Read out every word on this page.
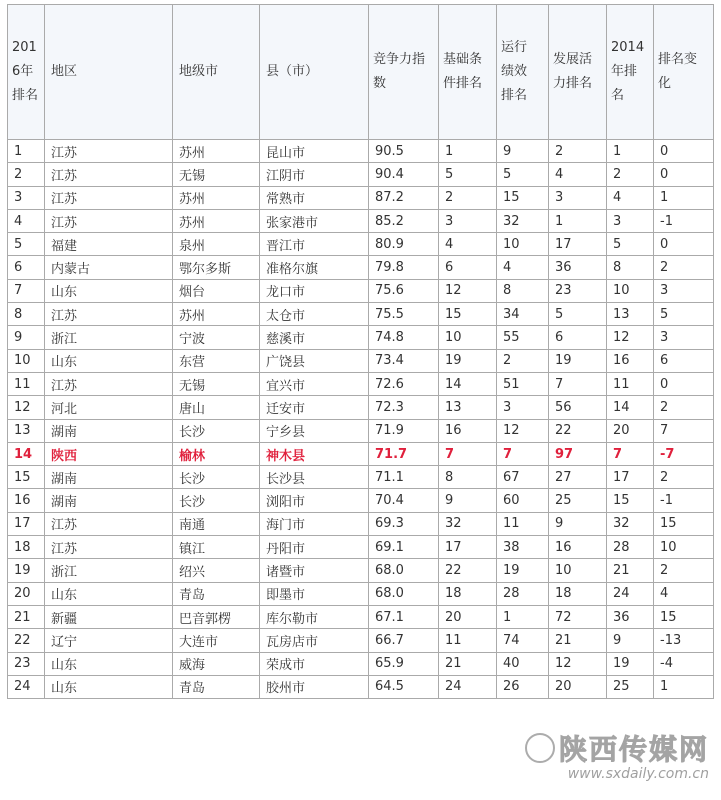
2016年排名	地区	地级市	县（市）	竞争力指数	基础条件排名	运行绩效排名	发展活力排名	2014年排名	排名变化
1	江苏	苏州	昆山市	90.5	1	9	2	1	0
2	江苏	无锡	江阴市	90.4	5	5	4	2	0
3	江苏	苏州	常熟市	87.2	2	15	3	4	1
4	江苏	苏州	张家港市	85.2	3	32	1	3	-1
5	福建	泉州	晋江市	80.9	4	10	17	5	0
6	内蒙古	鄂尔多斯	准格尔旗	79.8	6	4	36	8	2
7	山东	烟台	龙口市	75.6	12	8	23	10	3
8	江苏	苏州	太仓市	75.5	15	34	5	13	5
9	浙江	宁波	慈溪市	74.8	10	55	6	12	3
10	山东	东营	广饶县	73.4	19	2	19	16	6
11	江苏	无锡	宜兴市	72.6	14	51	7	11	0
12	河北	唐山	迁安市	72.3	13	3	56	14	2
13	湖南	长沙	宁乡县	71.9	16	12	22	20	7
14	陕西	榆林	神木县	71.7	7	7	97	7	-7
15	湖南	长沙	长沙县	71.1	8	67	27	17	2
16	湖南	长沙	浏阳市	70.4	9	60	25	15	-1
17	江苏	南通	海门市	69.3	32	11	9	32	15
18	江苏	镇江	丹阳市	69.1	17	38	16	28	10
19	浙江	绍兴	诸暨市	68.0	22	19	10	21	2
20	山东	青岛	即墨市	68.0	18	28	18	24	4
21	新疆	巴音郭楞	库尔勒市	67.1	20	1	72	36	15
22	辽宁	大连市	瓦房店市	66.7	11	74	21	9	-13
23	山东	威海	荣成市	65.9	21	40	12	19	-4
24	山东	青岛	胶州市	64.5	24	26	20	25	1
陕西传媒网
www.sxdaily.com.cn
